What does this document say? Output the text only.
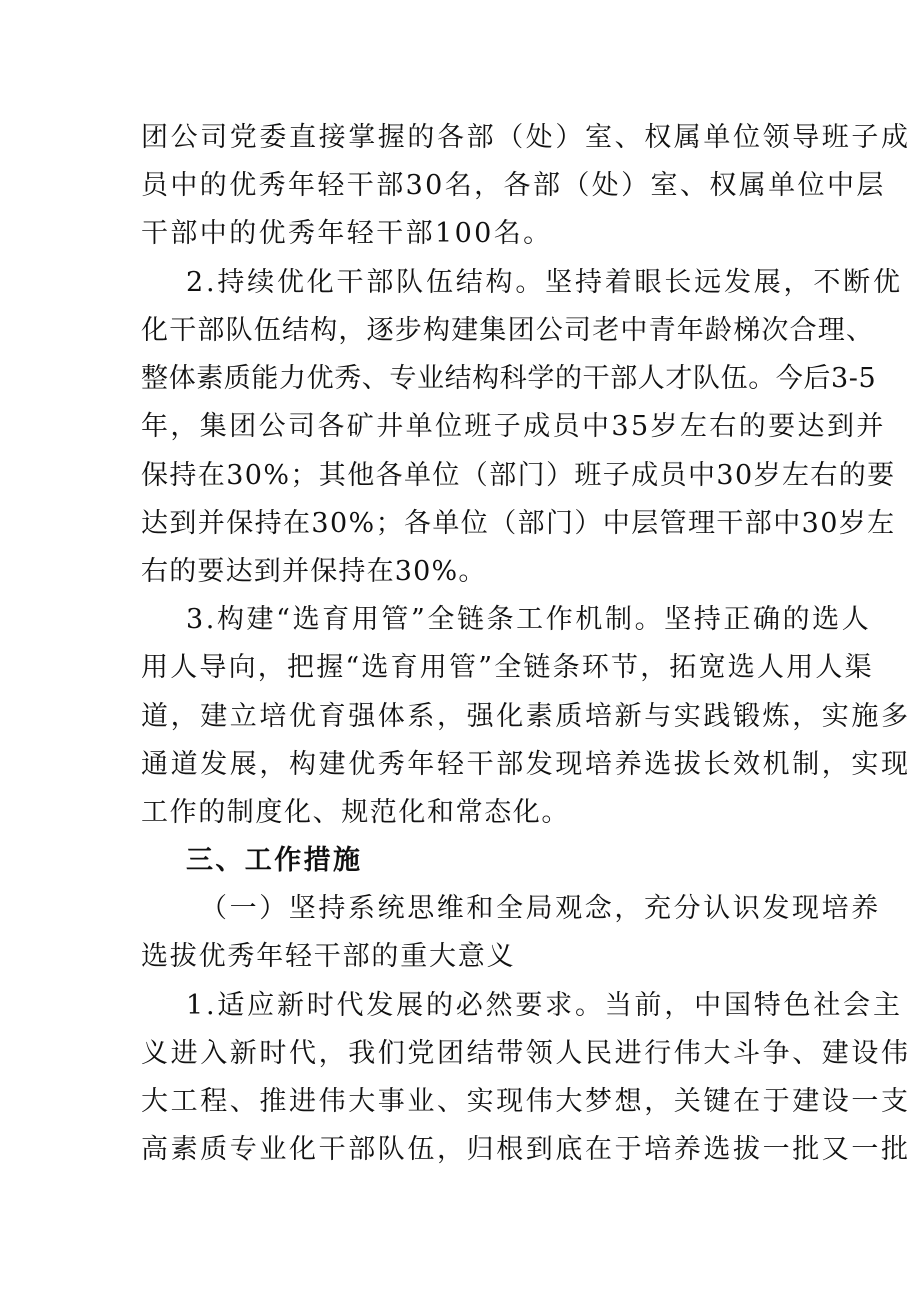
团公司党委直接掌握的各部（处）室、权属单位领导班子成
员中的优秀年轻干部30名，各部（处）室、权属单位中层
干部中的优秀年轻干部100名。
2.持续优化干部队伍结构。坚持着眼长远发展，不断优
化干部队伍结构，逐步构建集团公司老中青年龄梯次合理、
整体素质能力优秀、专业结构科学的干部人才队伍。今后3-5
年，集团公司各矿井单位班子成员中35岁左右的要达到并
保持在30%；其他各单位（部门）班子成员中30岁左右的要
达到并保持在30%；各单位（部门）中层管理干部中30岁左
右的要达到并保持在30%。
3.构建“选育用管”全链条工作机制。坚持正确的选人
用人导向，把握“选育用管”全链条环节，拓宽选人用人渠
道，建立培优育强体系，强化素质培新与实践锻炼，实施多
通道发展，构建优秀年轻干部发现培养选拔长效机制，实现
工作的制度化、规范化和常态化。
三、工作措施
（一）坚持系统思维和全局观念，充分认识发现培养
选拔优秀年轻干部的重大意义
1.适应新时代发展的必然要求。当前，中国特色社会主
义进入新时代，我们党团结带领人民进行伟大斗争、建设伟
大工程、推进伟大事业、实现伟大梦想，关键在于建设一支
高素质专业化干部队伍，归根到底在于培养选拔一批又一批
